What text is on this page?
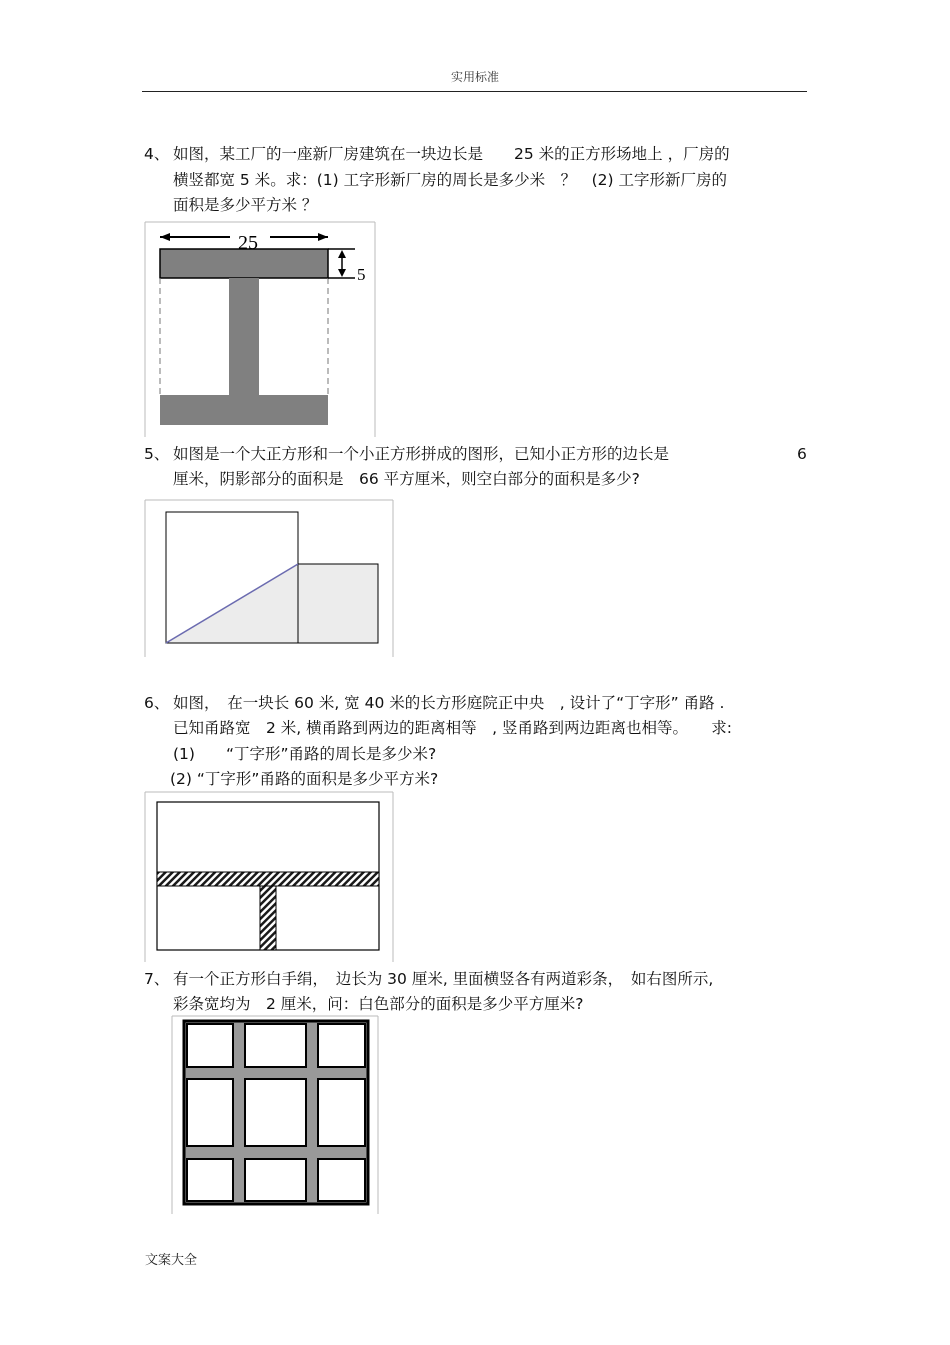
实用标准
4、 如图，某工厂的一座新厂房建筑在一块边长是　　25 米的正方形场地上 ，厂房的
横竖都宽 5 米。求：(1) 工字形新厂房的周长是多少米　？　(2) 工字形新厂房的
面积是多少平方米 ？
25
5
5、 如图是一个大正方形和一个小正方形拼成的图形，已知小正方形的边长是	6
厘米，阴影部分的面积是　66 平方厘米，则空白部分的面积是多少?
6、 如图，　在一块长 60 米, 宽 40 米的长方形庭院正中央　, 设计了“丁字形” 甬路 .
已知甬路宽　2 米, 横甬路到两边的距离相等　, 竖甬路到两边距离也相等。　　求:
(1)　　“丁字形”甬路的周长是多少米?
(2) “丁字形”甬路的面积是多少平方米?
7、 有一个正方形白手绢，　边长为 30 厘米, 里面横竖各有两道彩条，　如右图所示,
彩条宽均为　2 厘米，问：白色部分的面积是多少平方厘米?
文案大全
